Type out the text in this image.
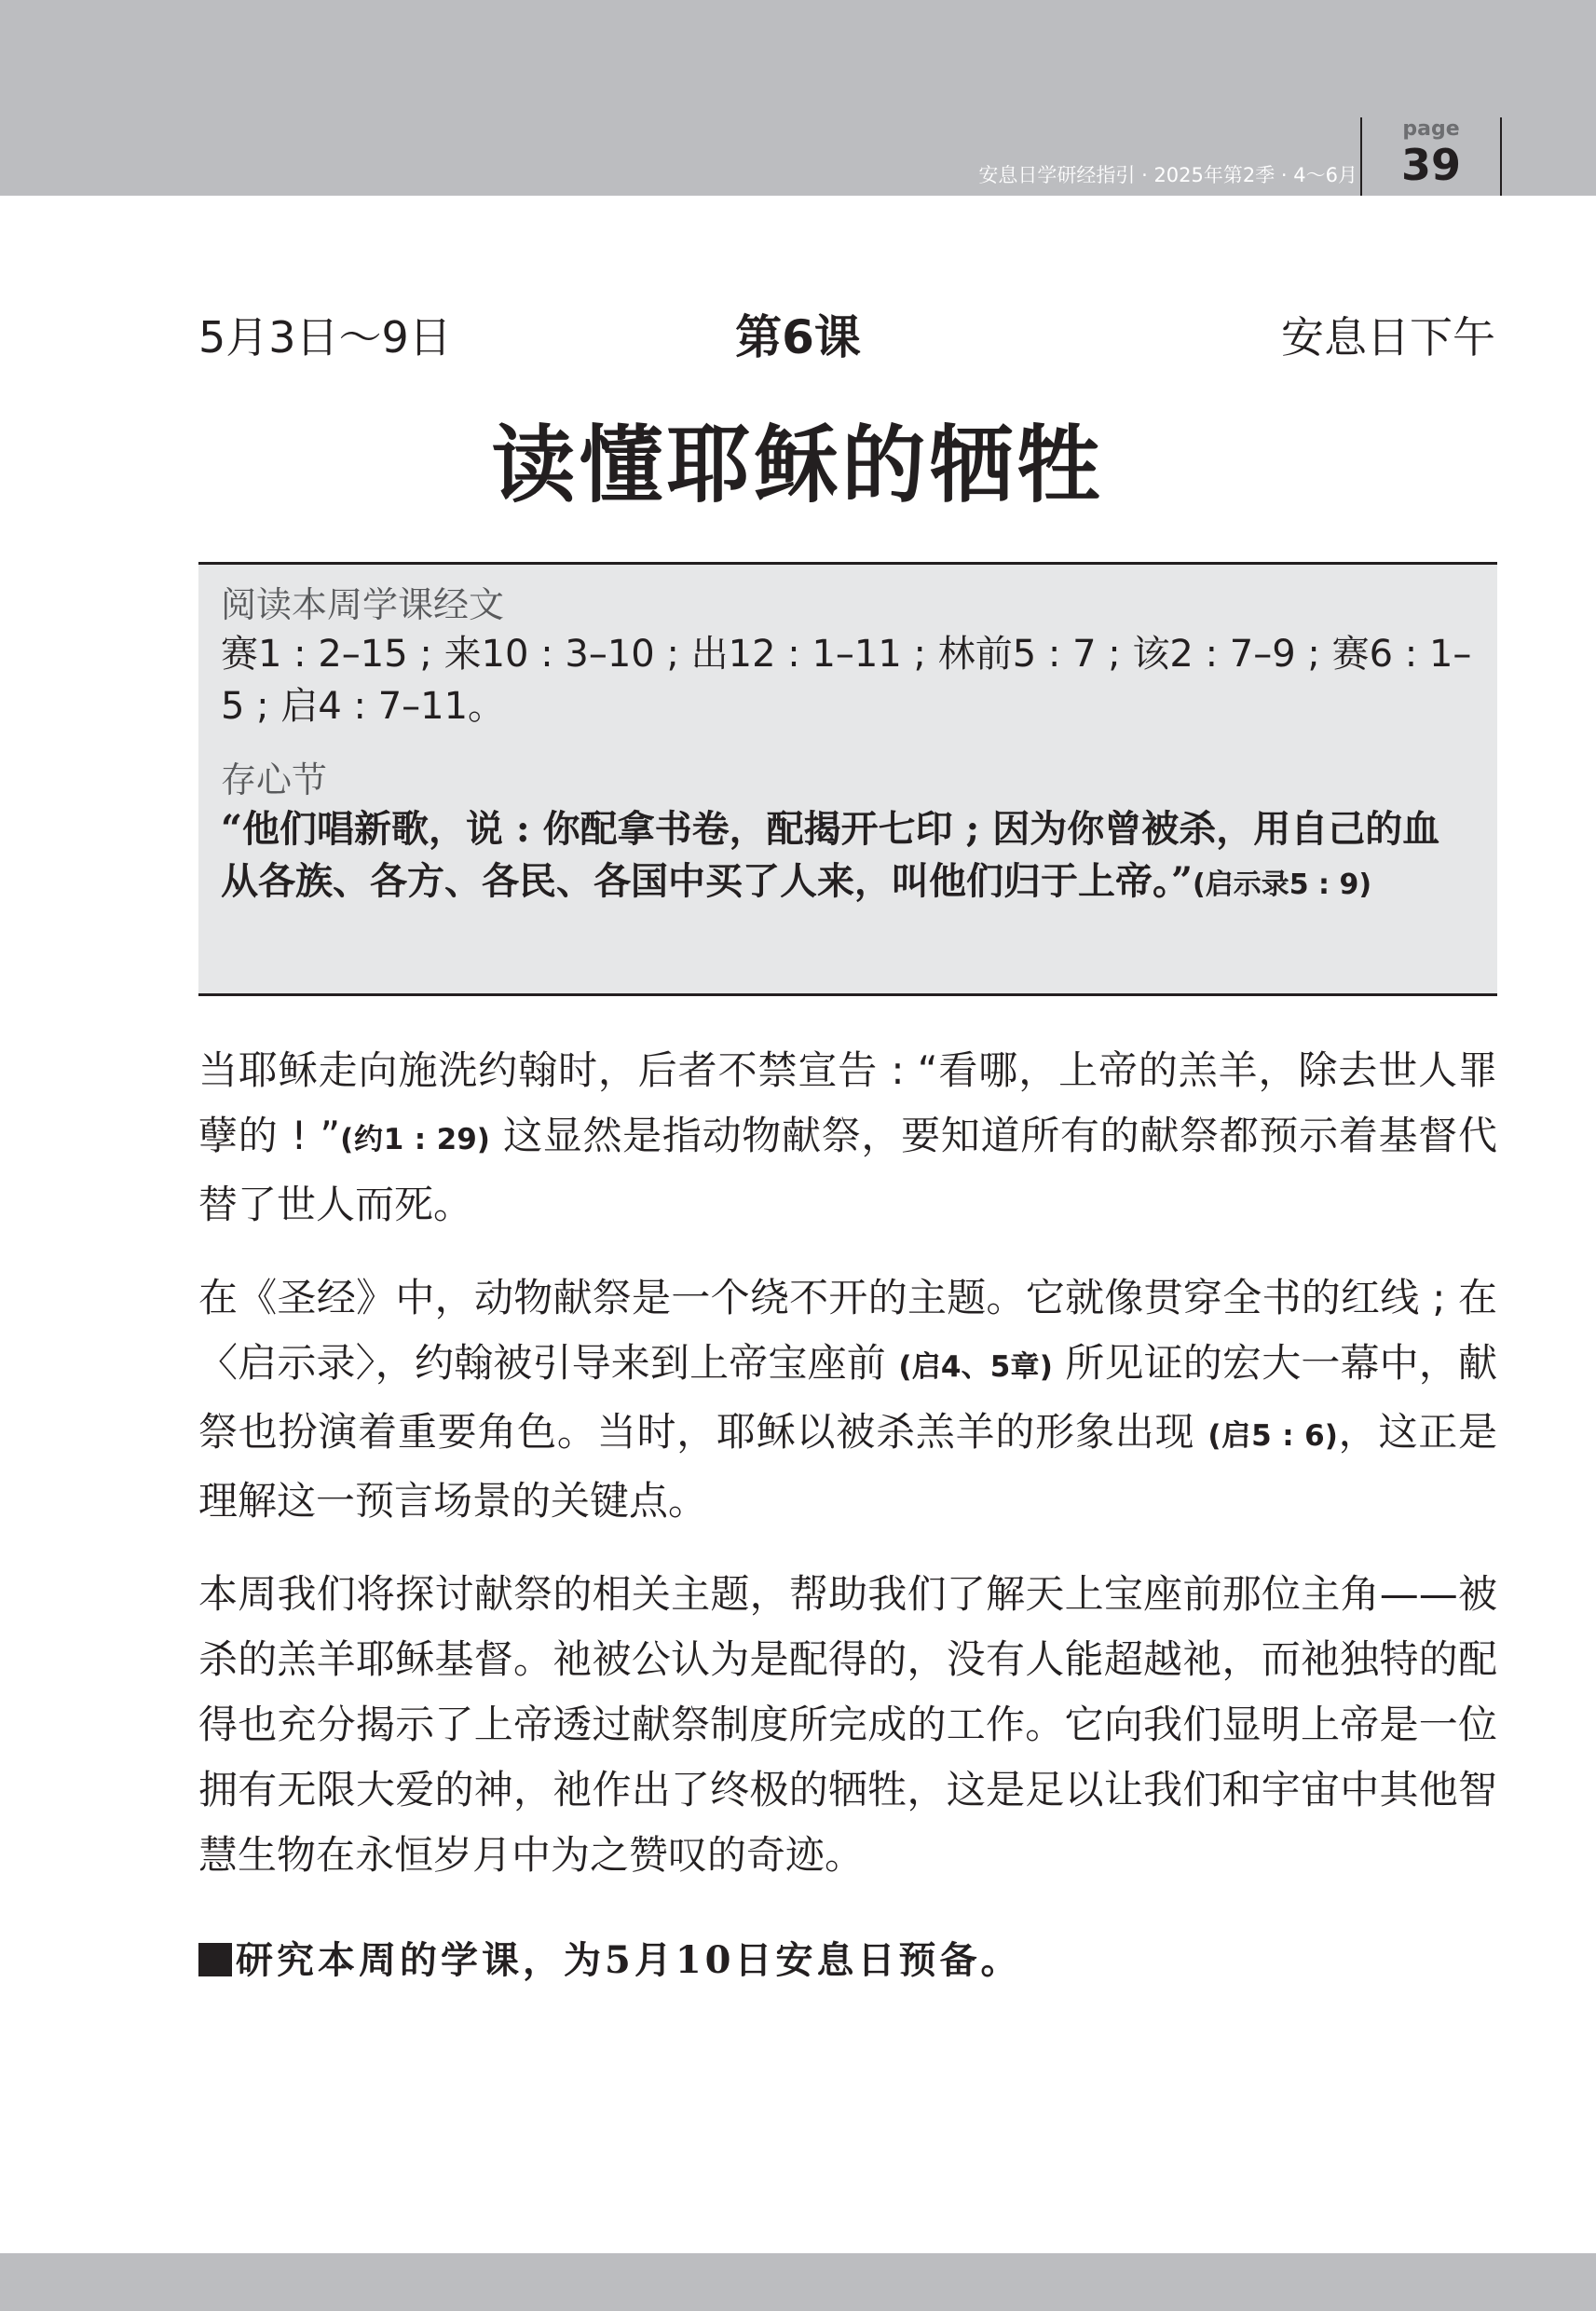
安息日学研经指引 · 2025年第2季 · 4～6月
page
39
5月3日～9日	第6课	安息日下午
读懂耶稣的牺牲
阅读本周学课经文
赛1 : 2–15 ; 来10 : 3–10 ; 出12 : 1–11 ; 林前5 : 7 ; 该2 : 7–9 ; 赛6 : 1–5 ; 启4 : 7–11。
存心节
“他们唱新歌，说 : 你配拿书卷，配揭开七印 ; 因为你曾被杀，用自己的血从各族、各方、各民、各国中买了人来，叫他们归于上帝。”(启示录5 : 9)

当耶稣走向施洗约翰时，后者不禁宣告 : “看哪，上帝的羔羊，除去世人罪孽的 ! ”(约1 : 29) 这显然是指动物献祭，要知道所有的献祭都预示着基督代替了世人而死。

在《圣经》中，动物献祭是一个绕不开的主题。它就像贯穿全书的红线 ; 在〈启示录〉，约翰被引导来到上帝宝座前 (启4、5章) 所见证的宏大一幕中，献祭也扮演着重要角色。当时，耶稣以被杀羔羊的形象出现 (启5 : 6)，这正是理解这一预言场景的关键点。

本周我们将探讨献祭的相关主题，帮助我们了解天上宝座前那位主角——被杀的羔羊耶稣基督。祂被公认为是配得的，没有人能超越祂，而祂独特的配得也充分揭示了上帝透过献祭制度所完成的工作。它向我们显明上帝是一位拥有无限大爱的神，祂作出了终极的牺牲，这是足以让我们和宇宙中其他智慧生物在永恒岁月中为之赞叹的奇迹。

研究本周的学课，为5月10日安息日预备。
